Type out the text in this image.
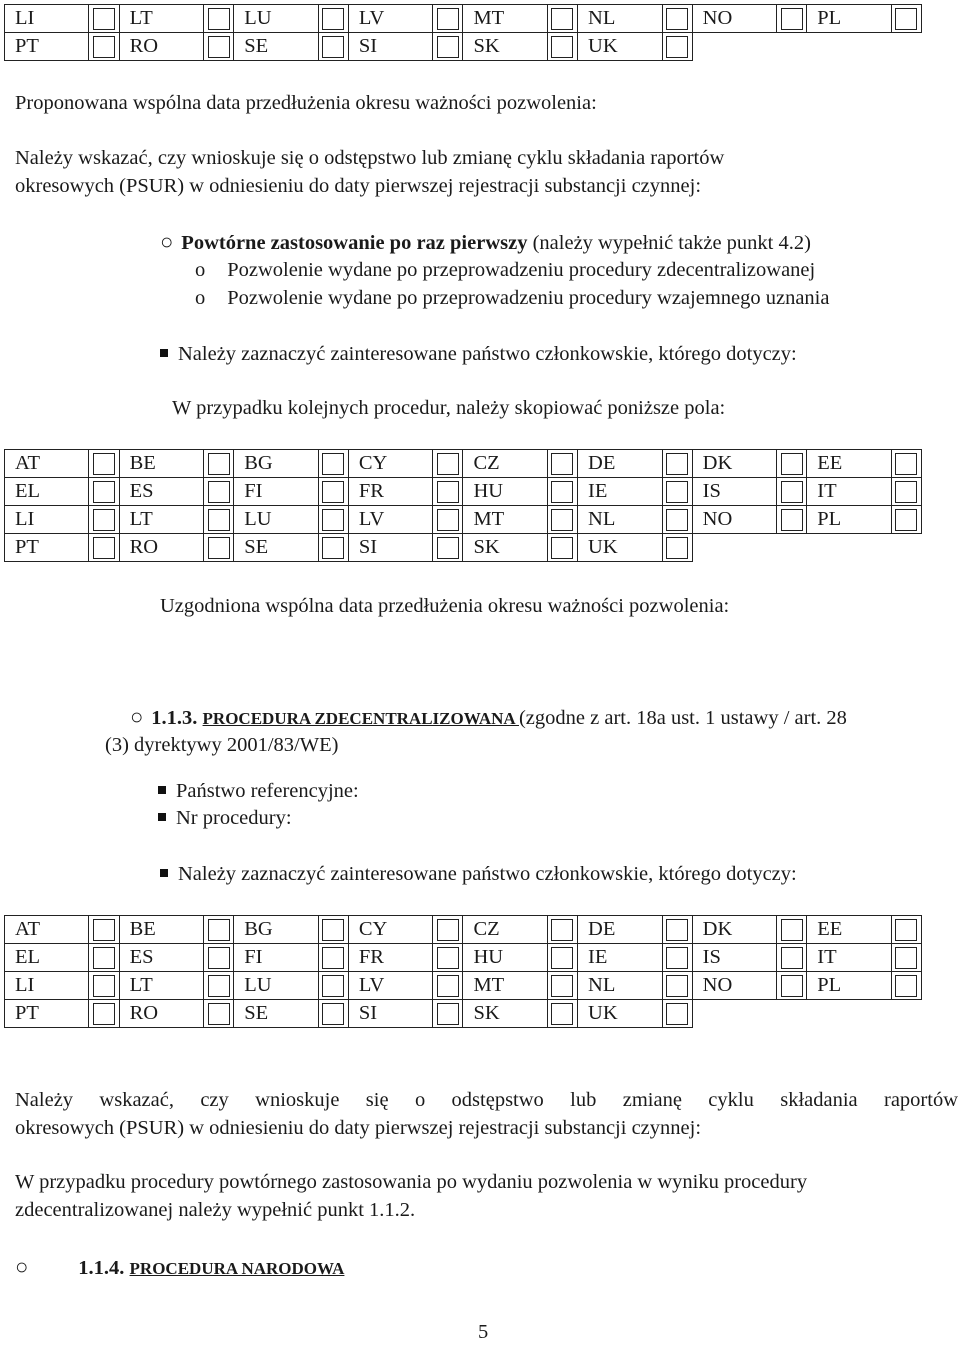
LI		LT		LU		LV		MT		NL		NO		PL	

PT		RO		SE		SI		SK		UK	

Proponowana wspólna data przedłużenia okresu ważności pozwolenia:
Należy wskazać, czy wnioskuje się o odstępstwo lub zmianę cyklu składania raportów
okresowych (PSUR) w odniesieniu do daty pierwszej rejestracji substancji czynnej:
○ Powtórne zastosowanie po raz pierwszy (należy wypełnić także punkt 4.2)
o Pozwolenie wydane po przeprowadzeniu procedury zdecentralizowanej
o Pozwolenie wydane po przeprowadzeniu procedury wzajemnego uznania
Należy zaznaczyć zainteresowane państwo członkowskie, którego dotyczy:
W przypadku kolejnych procedur, należy skopiować poniższe pola:
AT		BE		BG		CY		CZ		DE		DK		EE	

EL		ES		FI		FR		HU		IE		IS		IT	

LI		LT		LU		LV		MT		NL		NO		PL	

PT		RO		SE		SI		SK		UK	

Uzgodniona wspólna data przedłużenia okresu ważności pozwolenia:
○ 1.1.3. PROCEDURA ZDECENTRALIZOWANA (zgodne z art. 18a ust. 1 ustawy / art. 28
(3) dyrektywy 2001/83/WE)
Państwo referencyjne:
Nr procedury:
Należy zaznaczyć zainteresowane państwo członkowskie, którego dotyczy:
AT		BE		BG		CY		CZ		DE		DK		EE	

EL		ES		FI		FR		HU		IE		IS		IT	

LI		LT		LU		LV		MT		NL		NO		PL	

PT		RO		SE		SI		SK		UK	

Należy wskazać, czy wnioskuje się o odstępstwo lub zmianę cyklu składania raportów
okresowych (PSUR) w odniesieniu do daty pierwszej rejestracji substancji czynnej:
W przypadku procedury powtórnego zastosowania po wydaniu pozwolenia w wyniku procedury
zdecentralizowanej należy wypełnić punkt 1.1.2.
○ 1.1.4. PROCEDURA NARODOWA
5
